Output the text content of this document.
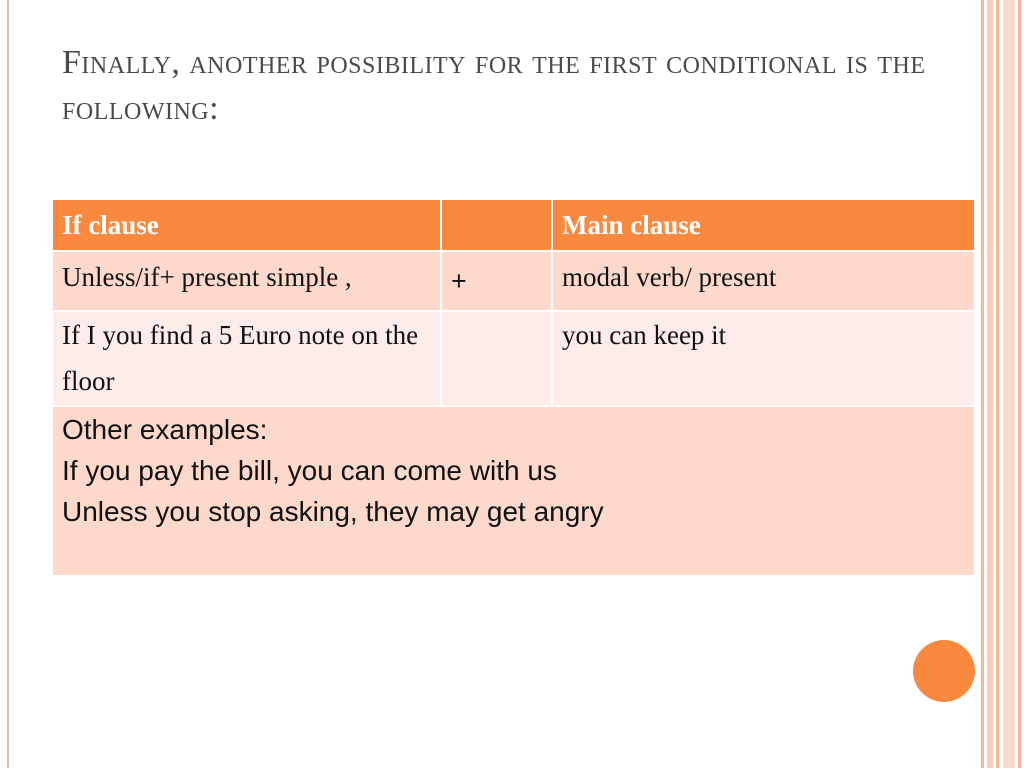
Finally, another possibility for the first conditional is the following:
If clause		Main clause
Unless/if+ present simple ,	+	modal verb/ present
If I you find a 5 Euro note on the floor		you can keep it

Other examples:
If you pay the bill, you can come with us
Unless you stop asking, they may get angry		
